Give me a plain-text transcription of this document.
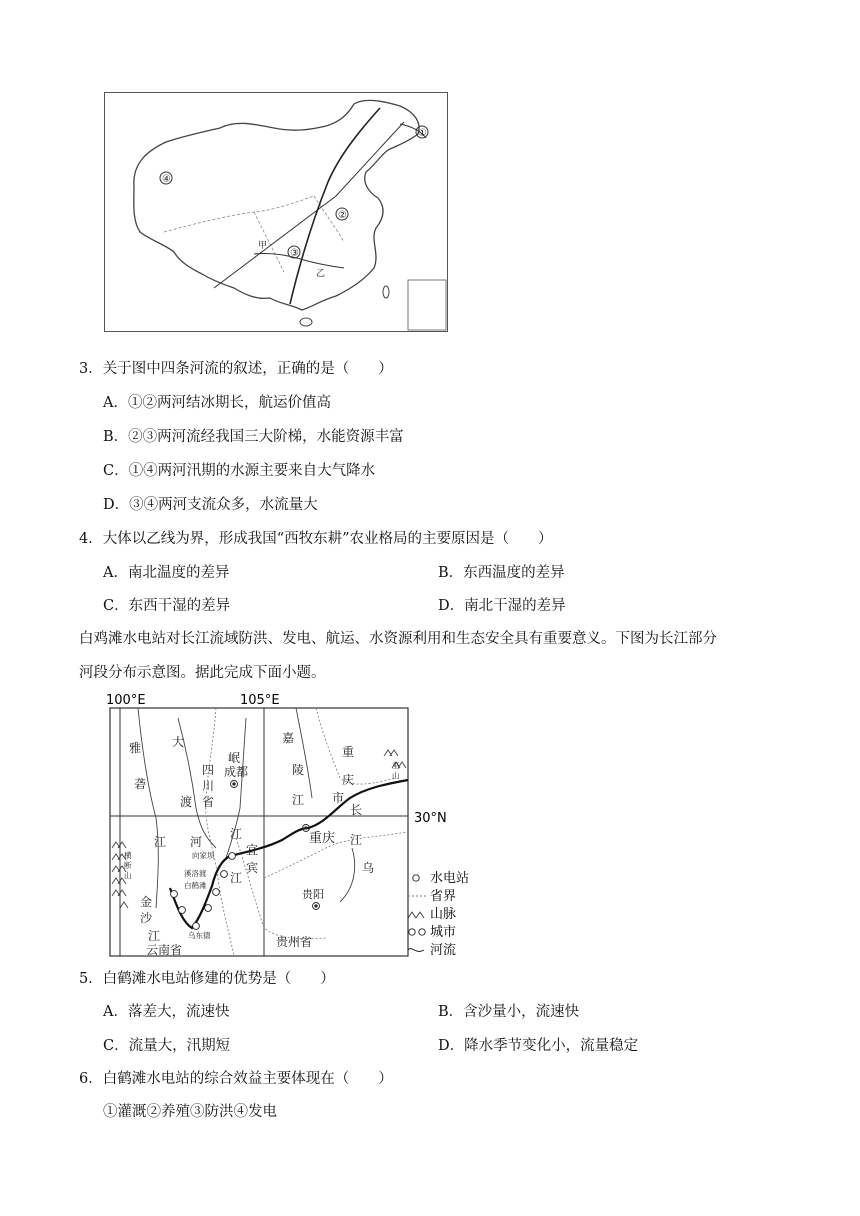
①
②
③
④
甲
乙
3．关于图中四条河流的叙述，正确的是（　　）
A．①②两河结冰期长，航运价值高
B．②③两河流经我国三大阶梯，水能资源丰富
C．①④两河汛期的水源主要来自大气降水
D．③④两河支流众多，水流量大
4．大体以乙线为界，形成我国“西牧东耕”农业格局的主要原因是（　　）
A．南北温度的差异	B．东西温度的差异
C．东西干湿的差异	D．南北干湿的差异
白鸡滩水电站对长江流域防洪、发电、航运、水资源利用和生态安全具有重要意义。下图为长江部分
河段分布示意图。据此完成下面小题。
100°E	105°E
30°N
雅
砻
江
大
渡
河
岷
江
四
川
省
成都
嘉
陵
江
重
庆
市
长
重庆 江
乌
宜
宾
江
金
沙
江
云南省
贵阳
贵州省
横
断
山
巫
山
向家坝
溪洛渡
白鹤滩
乌东德
水电站
省界
山脉
城市
河流
5．白鹤滩水电站修建的优势是（　　）
A．落差大，流速快	B．含沙量小，流速快
C．流量大，汛期短	D．降水季节变化小，流量稳定
6．白鹤滩水电站的综合效益主要体现在（　　）
①灌溉②养殖③防洪④发电
